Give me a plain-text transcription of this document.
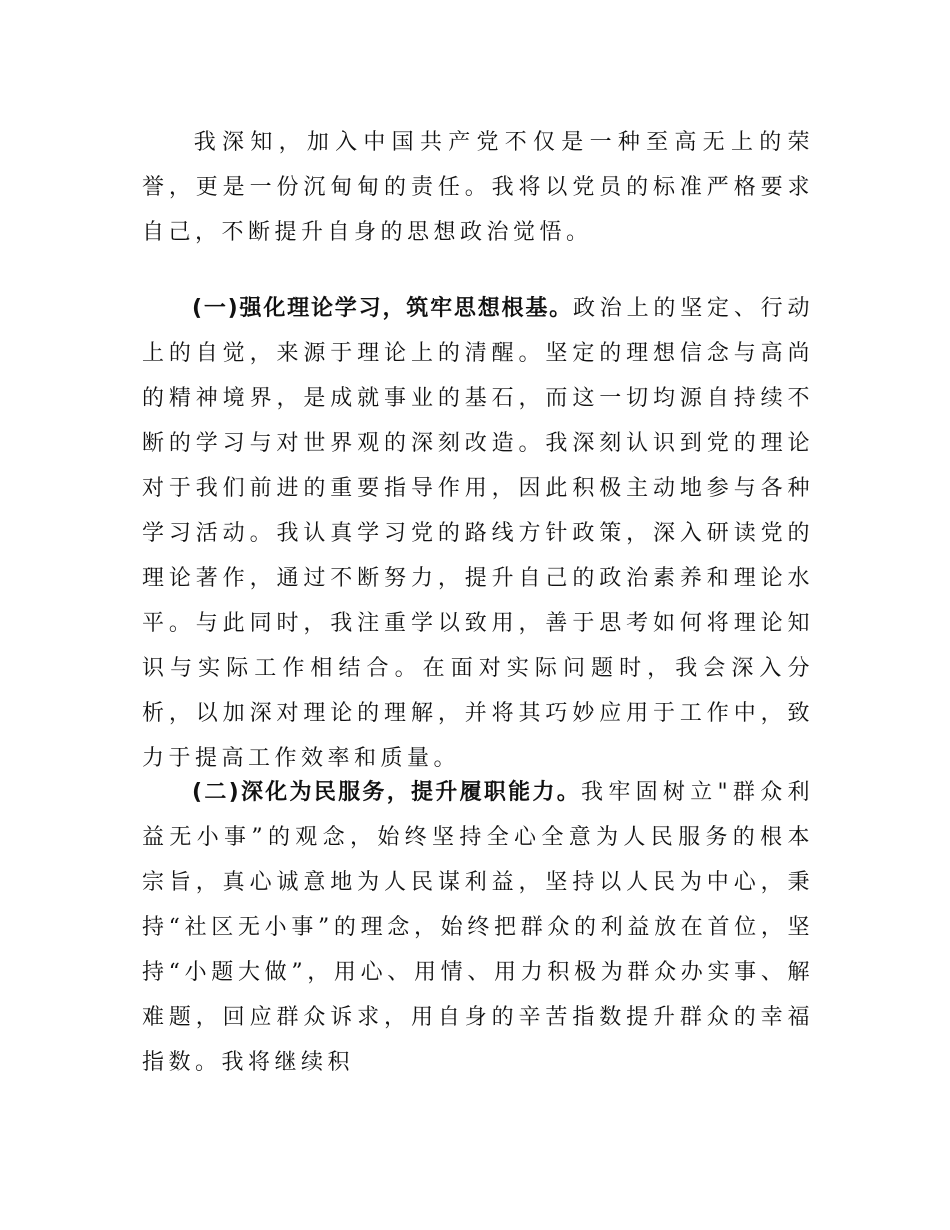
我深知，加入中国共产党不仅是一种至高无上的荣誉，更是一份沉甸甸的责任。我将以党员的标准严格要求自己，不断提升自身的思想政治觉悟。

(一)强化理论学习，筑牢思想根基。政治上的坚定、行动上的自觉，来源于理论上的清醒。坚定的理想信念与高尚的精神境界，是成就事业的基石，而这一切均源自持续不断的学习与对世界观的深刻改造。我深刻认识到党的理论对于我们前进的重要指导作用，因此积极主动地参与各种学习活动。我认真学习党的路线方针政策，深入研读党的理论著作，通过不断努力，提升自己的政治素养和理论水平。与此同时，我注重学以致用，善于思考如何将理论知识与实际工作相结合。在面对实际问题时，我会深入分析，以加深对理论的理解，并将其巧妙应用于工作中，致力于提高工作效率和质量。

(二)深化为民服务，提升履职能力。我牢固树立"群众利益无小事”的观念，始终坚持全心全意为人民服务的根本宗旨，真心诚意地为人民谋利益，坚持以人民为中心，秉持“社区无小事”的理念，始终把群众的利益放在首位，坚持“小题大做”，用心、用情、用力积极为群众办实事、解难题，回应群众诉求，用自身的辛苦指数提升群众的幸福指数。我将继续积
